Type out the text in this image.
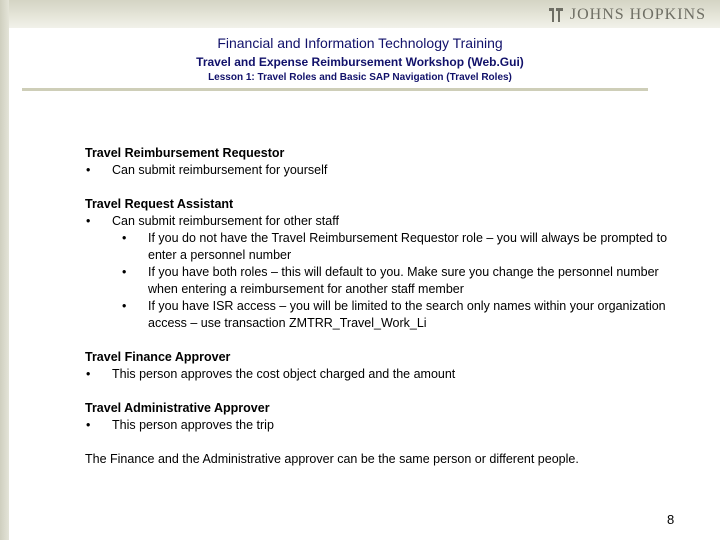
JOHNS HOPKINS
Financial and Information Technology Training
Travel and Expense Reimbursement Workshop (Web.Gui)
Lesson 1: Travel Roles and Basic SAP Navigation (Travel Roles)
Travel Reimbursement Requestor
• Can submit reimbursement for yourself
Travel Request Assistant
• Can submit reimbursement for other staff
• If you do not have the Travel Reimbursement Requestor role – you will always be prompted to enter a personnel number
• If you have both roles – this will default to you. Make sure you change the personnel number when entering a reimbursement for another staff member
• If you have ISR access – you will be limited to the search only names within your organization access – use transaction ZMTRR_Travel_Work_Li
Travel Finance Approver
• This person approves the cost object charged and the amount
Travel Administrative Approver
• This person approves the trip
The Finance and the Administrative approver can be the same person or different people.
8
